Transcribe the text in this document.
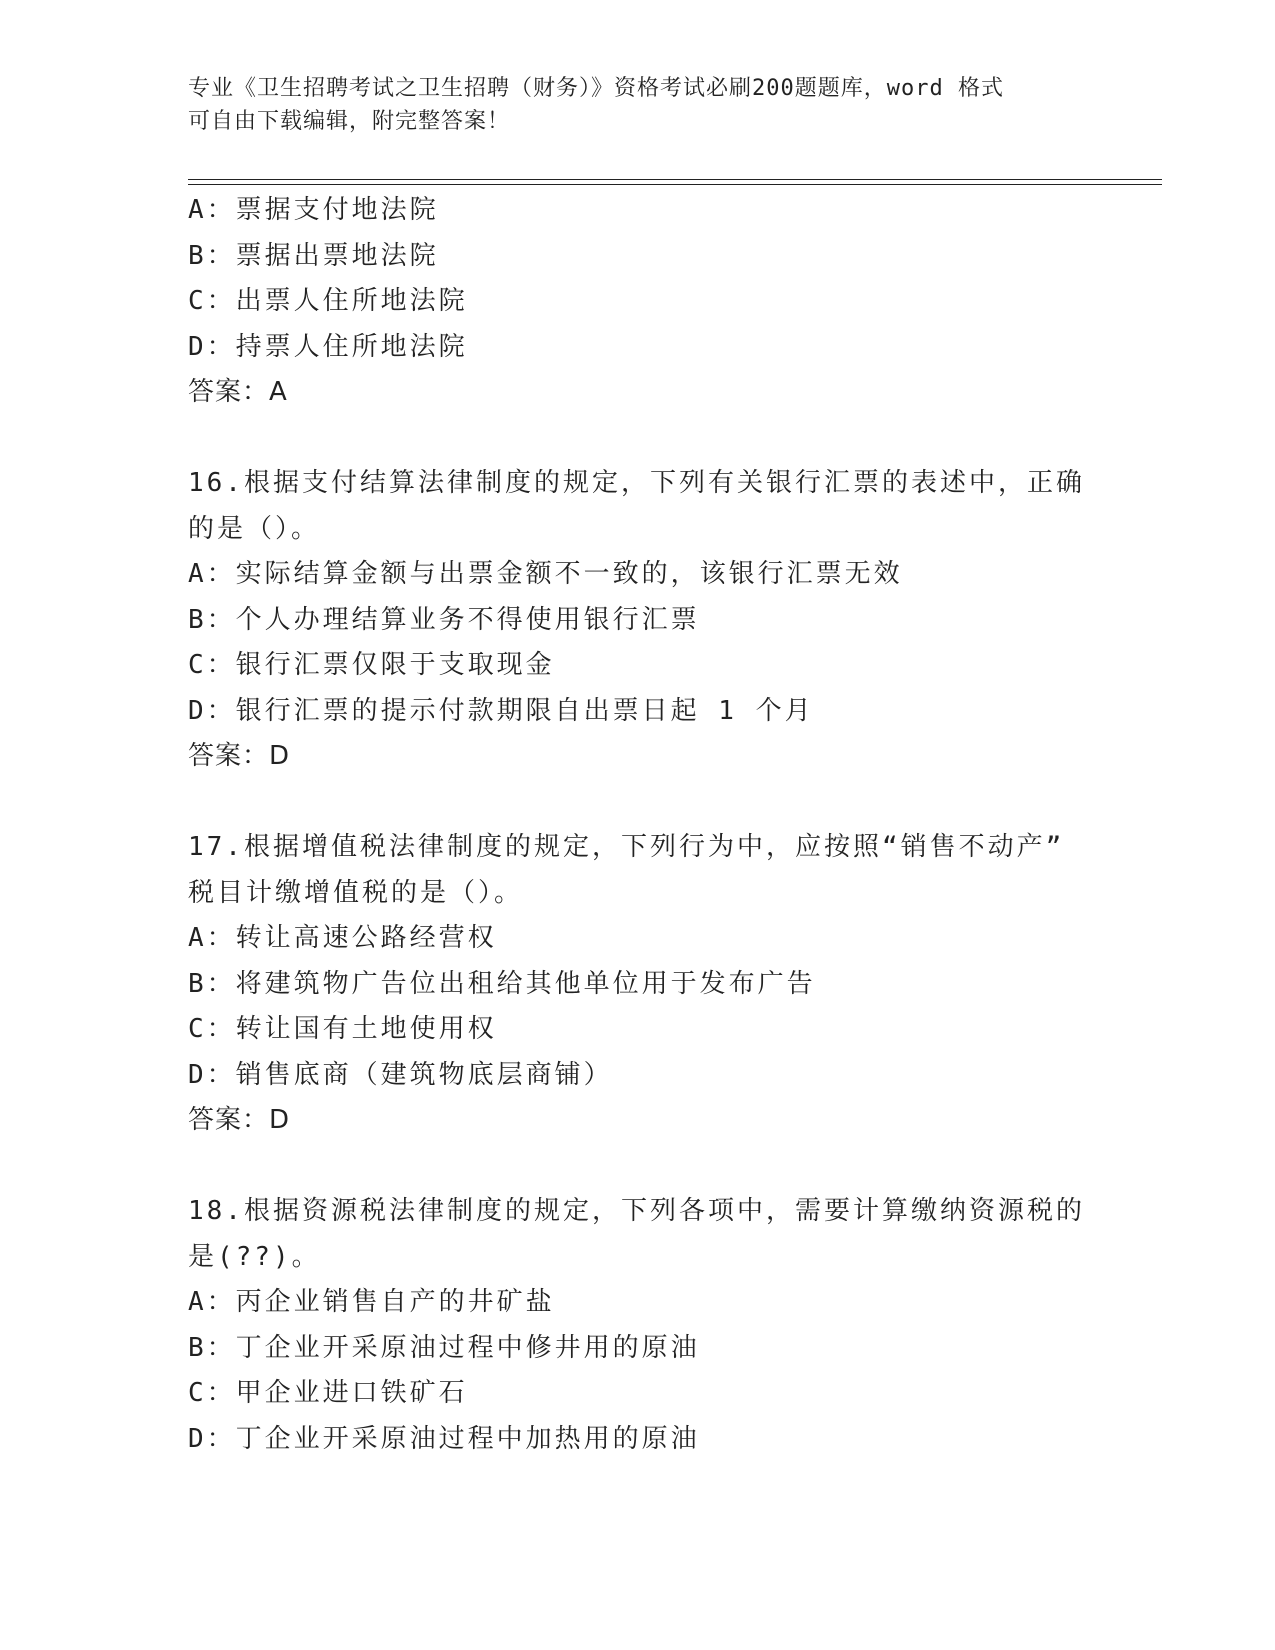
专业《卫生招聘考试之卫生招聘（财务）》资格考试必刷200题题库，word 格式
可自由下载编辑，附完整答案！
A：票据支付地法院
B：票据出票地法院
C：出票人住所地法院
D：持票人住所地法院
答案：A
16.根据支付结算法律制度的规定，下列有关银行汇票的表述中，正确
的是（）。
A：实际结算金额与出票金额不一致的，该银行汇票无效
B：个人办理结算业务不得使用银行汇票
C：银行汇票仅限于支取现金
D：银行汇票的提示付款期限自出票日起 1 个月
答案：D
17.根据增值税法律制度的规定，下列行为中，应按照“销售不动产”
税目计缴增值税的是（）。
A：转让高速公路经营权
B：将建筑物广告位出租给其他单位用于发布广告
C：转让国有土地使用权
D：销售底商（建筑物底层商铺）
答案：D
18.根据资源税法律制度的规定，下列各项中，需要计算缴纳资源税的
是(??)。
A：丙企业销售自产的井矿盐
B：丁企业开采原油过程中修井用的原油
C：甲企业进口铁矿石
D：丁企业开采原油过程中加热用的原油
